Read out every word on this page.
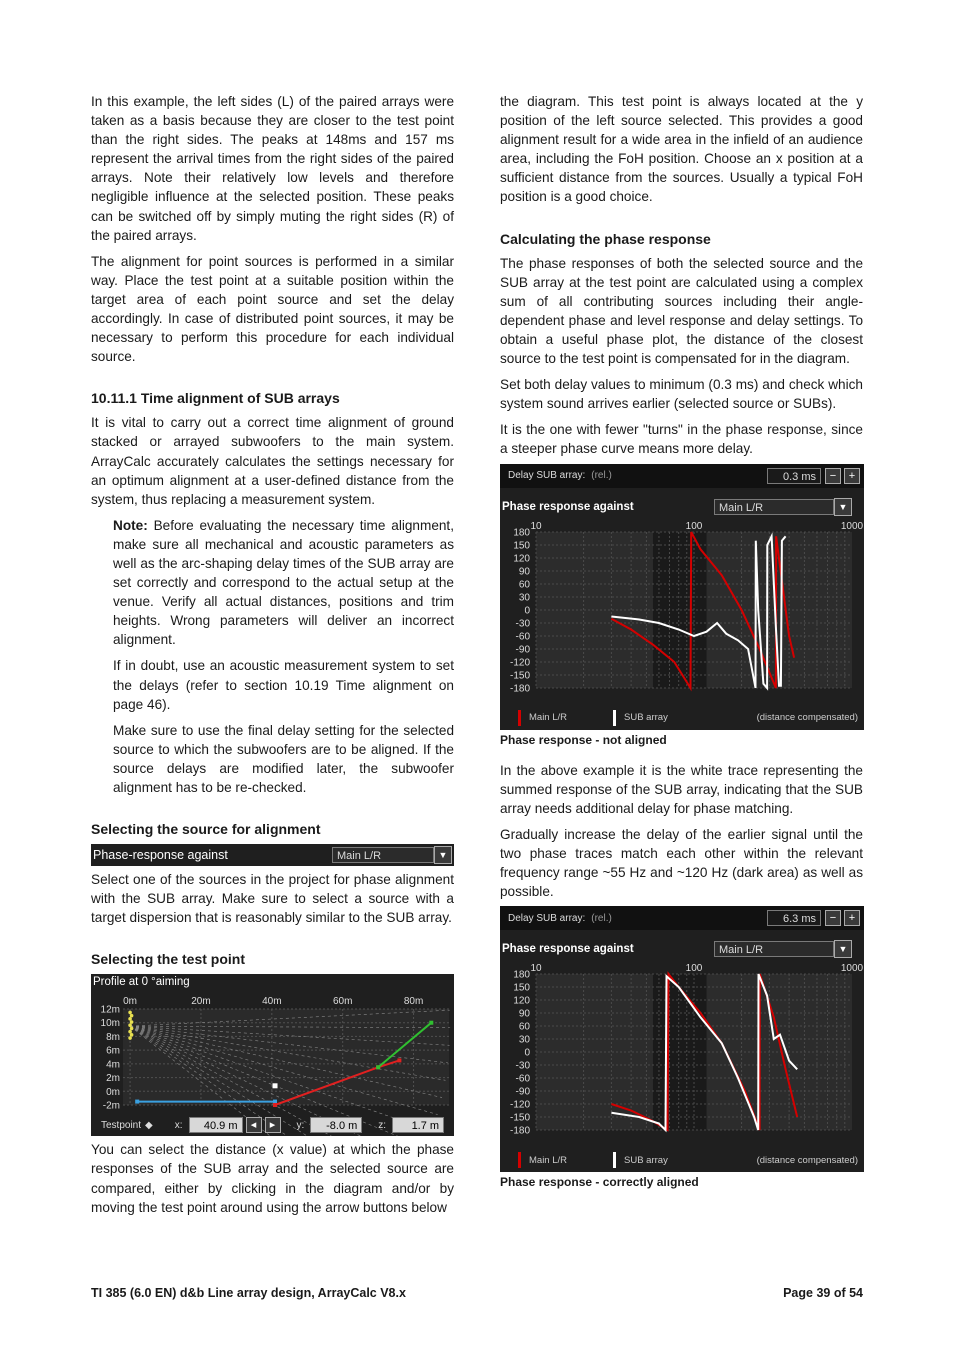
In this example, the left sides (L) of the paired arrays were taken as a basis because they are closer to the test point than the right sides. The peaks at 148ms and 157 ms represent the arrival times from the right sides of the paired arrays. Note their relatively low levels and therefore negligible influence at the selected position. These peaks can be switched off by simply muting the right sides (R) of the paired arrays.

The alignment for point sources is performed in a similar way. Place the test point at a suitable position within the target area of each point source and set the delay accordingly. In case of distributed point sources, it may be necessary to perform this procedure for each individual source.

10.11.1 Time alignment of SUB arrays

It is vital to carry out a correct time alignment of ground stacked or arrayed subwoofers to the main system. ArrayCalc accurately calculates the settings necessary for an optimum alignment at a user-defined distance from the system, thus replacing a measurement system.

Note: Before evaluating the necessary time alignment, make sure all mechanical and acoustic parameters as well as the arc-shaping delay times of the SUB array are set correctly and correspond to the actual setup at the venue. Verify all actual distances, positions and trim heights. Wrong parameters will deliver an incorrect alignment.

If in doubt, use an acoustic measurement system to set the delays (refer to section 10.19 Time alignment on page 46).

Make sure to use the final delay setting for the selected source to which the subwoofers are to be aligned. If the source delays are modified later, the subwoofer alignment has to be re-checked.

Selecting the source for alignment
Phase-response against	Main L/R	▼

Select one of the sources in the project for phase alignment with the SUB array. Make sure to select a source with a target dispersion that is reasonably similar to the SUB array.

Selecting the test point
Profile at 0 °aiming
0m	20m	40m	60m	80m
12m
10m
8m
6m
4m
2m
0m
-2m
Testpoint ◆ x:	40.9 m	◂	▸	y:	-8.0 m	z:	1.7 m

You can select the distance (x value) at which the phase responses of the SUB array and the selected source are compared, either by clicking in the diagram and/or by moving the test point around using the arrow buttons below

the diagram. This test point is always located at the y position of the left source selected. This provides a good alignment result for a wide area in the infield of an audience area, including the FoH position. Choose an x position at a sufficient distance from the sources. Usually a typical FoH position is a good choice.

Calculating the phase response

The phase responses of both the selected source and the SUB array at the test point are calculated using a complex sum of all contributing sources including their angle-dependent phase and level response and delay settings. To obtain a useful phase plot, the distance of the closest source to the test point is compensated for in the diagram.

Set both delay values to minimum (0.3 ms) and check which system sound arrives earlier (selected source or SUBs).

It is the one with fewer "turns" in the phase response, since a steeper phase curve means more delay.

Delay SUB array: (rel.)	0.3 ms	−	+
Phase response against	Main L/R	▼
180
150
120
90
60
30
0
-30
-60
-90
-120
-150
-180
10	100	1000
Main L/R	SUB array	(distance compensated)
Phase response - not aligned

In the above example it is the white trace representing the summed response of the SUB array, indicating that the SUB array needs additional delay for phase matching.

Gradually increase the delay of the earlier signal until the two phase traces match each other within the relevant frequency range ~55 Hz and ~120 Hz (dark area) as well as possible.

Delay SUB array: (rel.)	6.3 ms	−	+
Phase response against	Main L/R	▼
180
150
120
90
60
30
0
-30
-60
-90
-120
-150
-180
10	100	1000
Main L/R	SUB array	(distance compensated)
Phase response - correctly aligned
TI 385 (6.0 EN) d&b Line array design, ArrayCalc V8.x	Page 39 of 54
